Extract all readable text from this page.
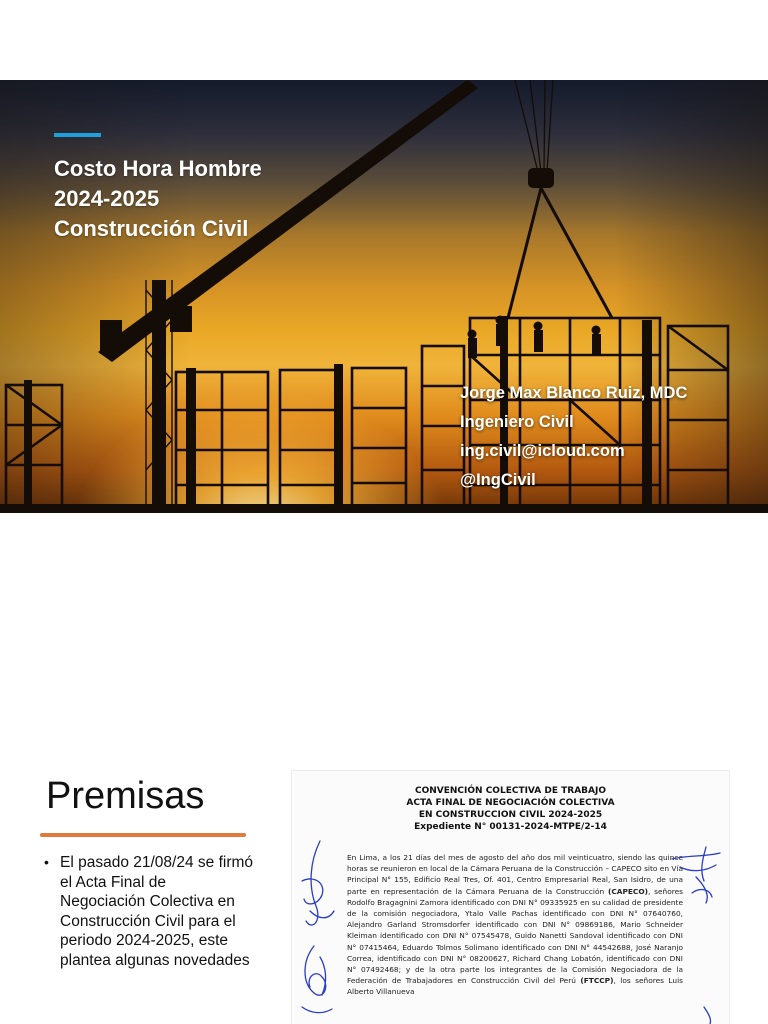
Costo Hora Hombre
2024-2025
Construcción Civil
Jorge Max Blanco Ruiz, MDC
Ingeniero Civil
ing.civil@icloud.com
@IngCivil
Premisas
• El pasado 21/08/24 se firmó el Acta Final de Negociación Colectiva en Construcción Civil para el periodo 2024-2025, este plantea algunas novedades
CONVENCIÓN COLECTIVA DE TRABAJO
ACTA FINAL DE NEGOCIACIÓN COLECTIVA
EN CONSTRUCCION CIVIL 2024-2025
Expediente N° 00131-2024-MTPE/2-14
En Lima, a los 21 días del mes de agosto del año dos mil veinticuatro, siendo las quince horas se reunieron en local de la Cámara Peruana de la Construcción – CAPECO sito en Vía Principal N° 155, Edificio Real Tres, Of. 401, Centro Empresarial Real, San Isidro, de una parte en representación de la Cámara Peruana de la Construcción (CAPECO), señores Rodolfo Bragagnini Zamora identificado con DNI N° 09335925 en su calidad de presidente de la comisión negociadora, Ytalo Valle Pachas identificado con DNI N° 07640760, Alejandro Garland Stromsdorfer identificado con DNI N° 09869186, Mario Schneider Kleiman identificado con DNI N° 07545478, Guido Nanetti Sandoval identificado con DNI N° 07415464, Eduardo Tolmos Solimano identificado con DNI N° 44542688, José Naranjo Correa, identificado con DNI N° 08200627, Richard Chang Lobatón, identificado con DNI N° 07492468; y de la otra parte los integrantes de la Comisión Negociadora de la Federación de Trabajadores en Construcción Civil del Perú (FTCCP), los señores Luis Alberto Villanueva
